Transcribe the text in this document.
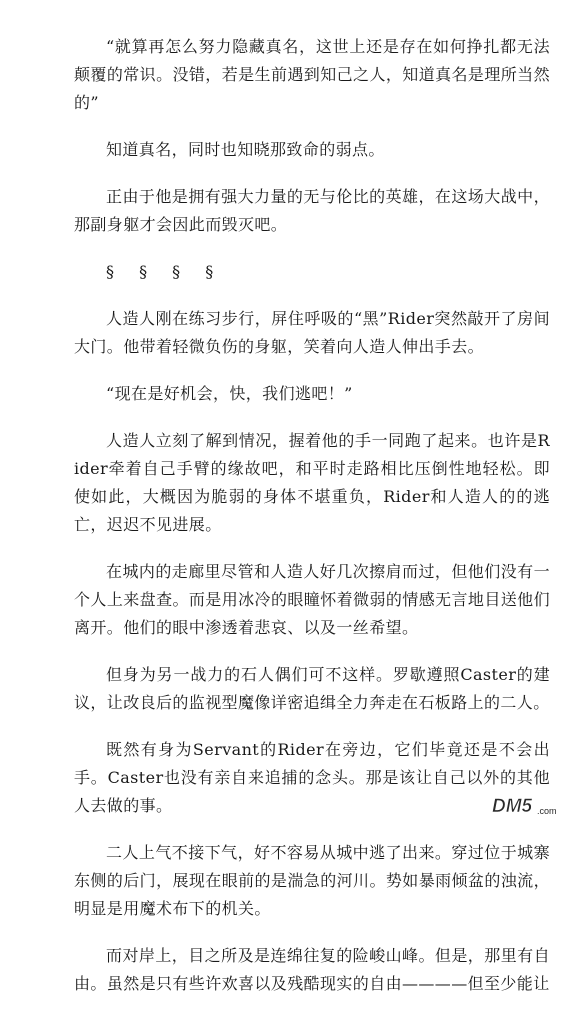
“就算再怎么努力隐藏真名，这世上还是存在如何挣扎都无法颠覆的常识。没错，若是生前遇到知己之人，知道真名是理所当然的”

知道真名，同时也知晓那致命的弱点。

正由于他是拥有强大力量的无与伦比的英雄，在这场大战中，那副身躯才会因此而毁灭吧。

§ § § §

人造人刚在练习步行，屏住呼吸的“黑”Rider突然敲开了房间大门。他带着轻微负伤的身躯，笑着向人造人伸出手去。

“现在是好机会，快，我们逃吧！”

人造人立刻了解到情况，握着他的手一同跑了起来。也许是Rider牵着自己手臂的缘故吧，和平时走路相比压倒性地轻松。即使如此，大概因为脆弱的身体不堪重负，Rider和人造人的的逃亡，迟迟不见进展。

在城内的走廊里尽管和人造人好几次擦肩而过，但他们没有一个人上来盘查。而是用冰冷的眼瞳怀着微弱的情感无言地目送他们离开。他们的眼中渗透着悲哀、以及一丝希望。

但身为另一战力的石人偶们可不这样。罗歇遵照Caster的建议，让改良后的监视型魔像详密追缉全力奔走在石板路上的二人。

既然有身为Servant的Rider在旁边，它们毕竟还是不会出手。Caster也没有亲自来追捕的念头。那是该让自己以外的其他人去做的事。

二人上气不接下气，好不容易从城中逃了出来。穿过位于城寨东侧的后门，展现在眼前的是湍急的河川。势如暴雨倾盆的浊流，明显是用魔术布下的机关。

而对岸上，目之所及是连绵往复的险峻山峰。但是，那里有自由。虽然是只有些许欢喜以及残酷现实的自由————但至少能让

DM5 .com
